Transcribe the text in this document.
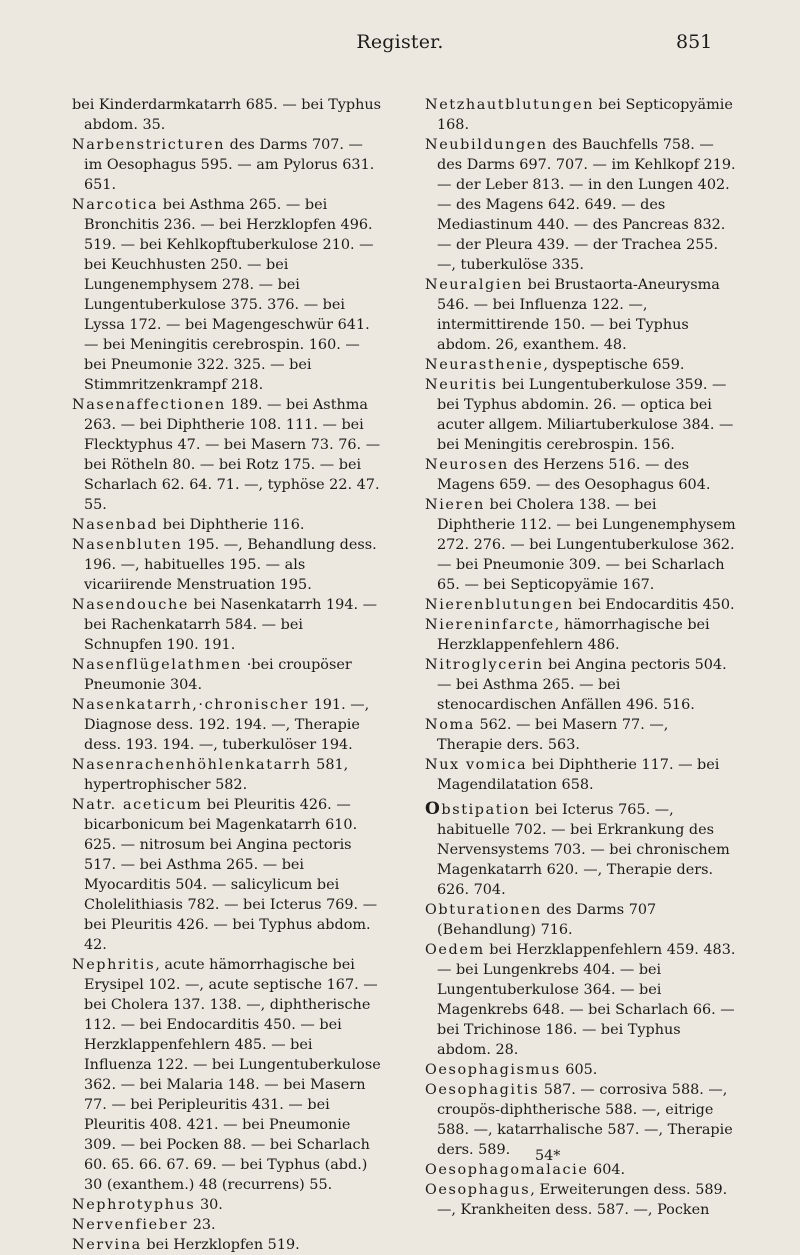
Register.	851

bei Kinderdarmkatarrh 685. — bei Typhus abdom. 35.

Narbenstricturen des Darms 707. — im Oesophagus 595. — am Pylorus 631. 651.

Narcotica bei Asthma 265. — bei Bronchitis 236. — bei Herzklopfen 496. 519. — bei Kehlkopftuberkulose 210. — bei Keuchhusten 250. — bei Lungenemphysem 278. — bei Lungentuberkulose 375. 376. — bei Lyssa 172. — bei Magengeschwür 641. — bei Meningitis cerebrospin. 160. — bei Pneumonie 322. 325. — bei Stimmritzenkrampf 218.

Nasenaffectionen 189. — bei Asthma 263. — bei Diphtherie 108. 111. — bei Flecktyphus 47. — bei Masern 73. 76. — bei Rötheln 80. — bei Rotz 175. — bei Scharlach 62. 64. 71. —, typhöse 22. 47. 55.

Nasenbad bei Diphtherie 116.

Nasenbluten 195. —, Behandlung dess. 196. —, habituelles 195. — als vicariirende Menstruation 195.

Nasendouche bei Nasenkatarrh 194. — bei Rachenkatarrh 584. — bei Schnupfen 190. 191.

Nasenflügelathmen ·bei croupöser Pneumonie 304.

Nasenkatarrh,·chronischer 191. —, Diagnose dess. 192. 194. —, Therapie dess. 193. 194. —, tuberkulöser 194.

Nasenrachenhöhlenkatarrh 581, hypertrophischer 582.

Natr. aceticum bei Pleuritis 426. — bicarbonicum bei Magenkatarrh 610. 625. — nitrosum bei Angina pectoris 517. — bei Asthma 265. — bei Myocarditis 504. — salicylicum bei Cholelithiasis 782. — bei Icterus 769. — bei Pleuritis 426. — bei Typhus abdom. 42.

Nephritis, acute hämorrhagische bei Erysipel 102. —, acute septische 167. — bei Cholera 137. 138. —, diphtherische 112. — bei Endocarditis 450. — bei Herzklappenfehlern 485. — bei Influenza 122. — bei Lungentuberkulose 362. — bei Malaria 148. — bei Masern 77. — bei Peripleuritis 431. — bei Pleuritis 408. 421. — bei Pneumonie 309. — bei Pocken 88. — bei Scharlach 60. 65. 66. 67. 69. — bei Typhus (abd.) 30 (exanthem.) 48 (recurrens) 55.

Nephrotyphus 30.

Nervenfieber 23.

Nervina bei Herzklopfen 519.

Netzhautblutungen bei Septicopyämie 168.

Neubildungen des Bauchfells 758. — des Darms 697. 707. — im Kehlkopf 219. — der Leber 813. — in den Lungen 402. — des Magens 642. 649. — des Mediastinum 440. — des Pancreas 832. — der Pleura 439. — der Trachea 255. —, tuberkulöse 335.

Neuralgien bei Brustaorta-Aneurysma 546. — bei Influenza 122. —, intermittirende 150. — bei Typhus abdom. 26, exanthem. 48.

Neurasthenie, dyspeptische 659.

Neuritis bei Lungentuberkulose 359. — bei Typhus abdomin. 26. — optica bei acuter allgem. Miliartuberkulose 384. — bei Meningitis cerebrospin. 156.

Neurosen des Herzens 516. — des Magens 659. — des Oesophagus 604.

Nieren bei Cholera 138. — bei Diphtherie 112. — bei Lungenemphysem 272. 276. — bei Lungentuberkulose 362. — bei Pneumonie 309. — bei Scharlach 65. — bei Septicopyämie 167.

Nierenblutungen bei Endocarditis 450.

Niereninfarcte, hämorrhagische bei Herzklappenfehlern 486.

Nitroglycerin bei Angina pectoris 504. — bei Asthma 265. — bei stenocardischen Anfällen 496. 516.

Noma 562. — bei Masern 77. —, Therapie ders. 563.

Nux vomica bei Diphtherie 117. — bei Magendilatation 658.

Obstipation bei Icterus 765. —, habituelle 702. — bei Erkrankung des Nervensystems 703. — bei chronischem Magenkatarrh 620. —, Therapie ders. 626. 704.

Obturationen des Darms 707 (Behandlung) 716.

Oedem bei Herzklappenfehlern 459. 483. — bei Lungenkrebs 404. — bei Lungentuberkulose 364. — bei Magenkrebs 648. — bei Scharlach 66. — bei Trichinose 186. — bei Typhus abdom. 28.

Oesophagismus 605.

Oesophagitis 587. — corrosiva 588. —, croupös-diphtherische 588. —, eitrige 588. —, katarrhalische 587. —, Therapie ders. 589.

Oesophagomalacie 604.

Oesophagus, Erweiterungen dess. 589. —, Krankheiten dess. 587. —, Pocken

54*
